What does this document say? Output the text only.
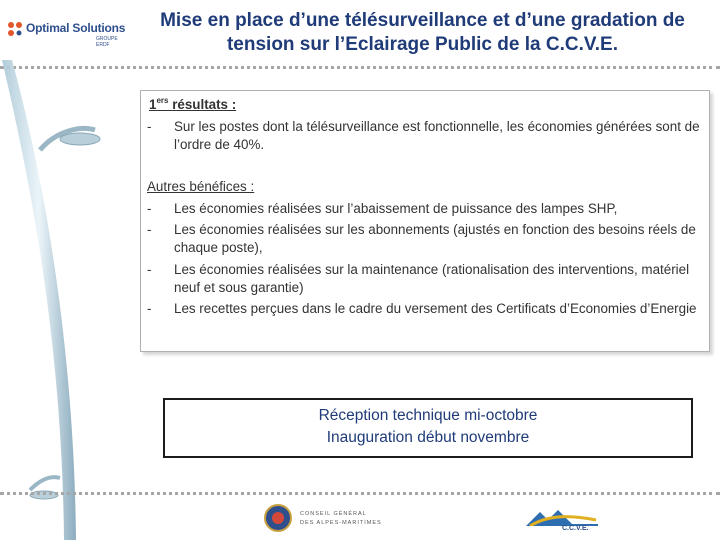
Optimal Solutions
GROUPE ERDF
Mise en place d’une télésurveillance et d’une gradation de
tension sur l’Eclairage Public de la C.C.V.E.
1ers résultats :
- Sur les postes dont la télésurveillance est fonctionnelle, les économies générées sont de l’ordre de 40%.
Autres bénéfices :
- Les économies réalisées sur l’abaissement de puissance des lampes SHP,
- Les économies réalisées sur les abonnements (ajustés en fonction des besoins réels de chaque poste),
- Les économies réalisées sur la maintenance (rationalisation des interventions, matériel neuf et sous garantie)
- Les recettes perçues dans le cadre du versement des Certificats d’Economies d’Energie
Réception technique mi-octobre
Inauguration début novembre
CONSEIL GÉNÉRAL
DES ALPES-MARITIMES
C.C.V.E.
